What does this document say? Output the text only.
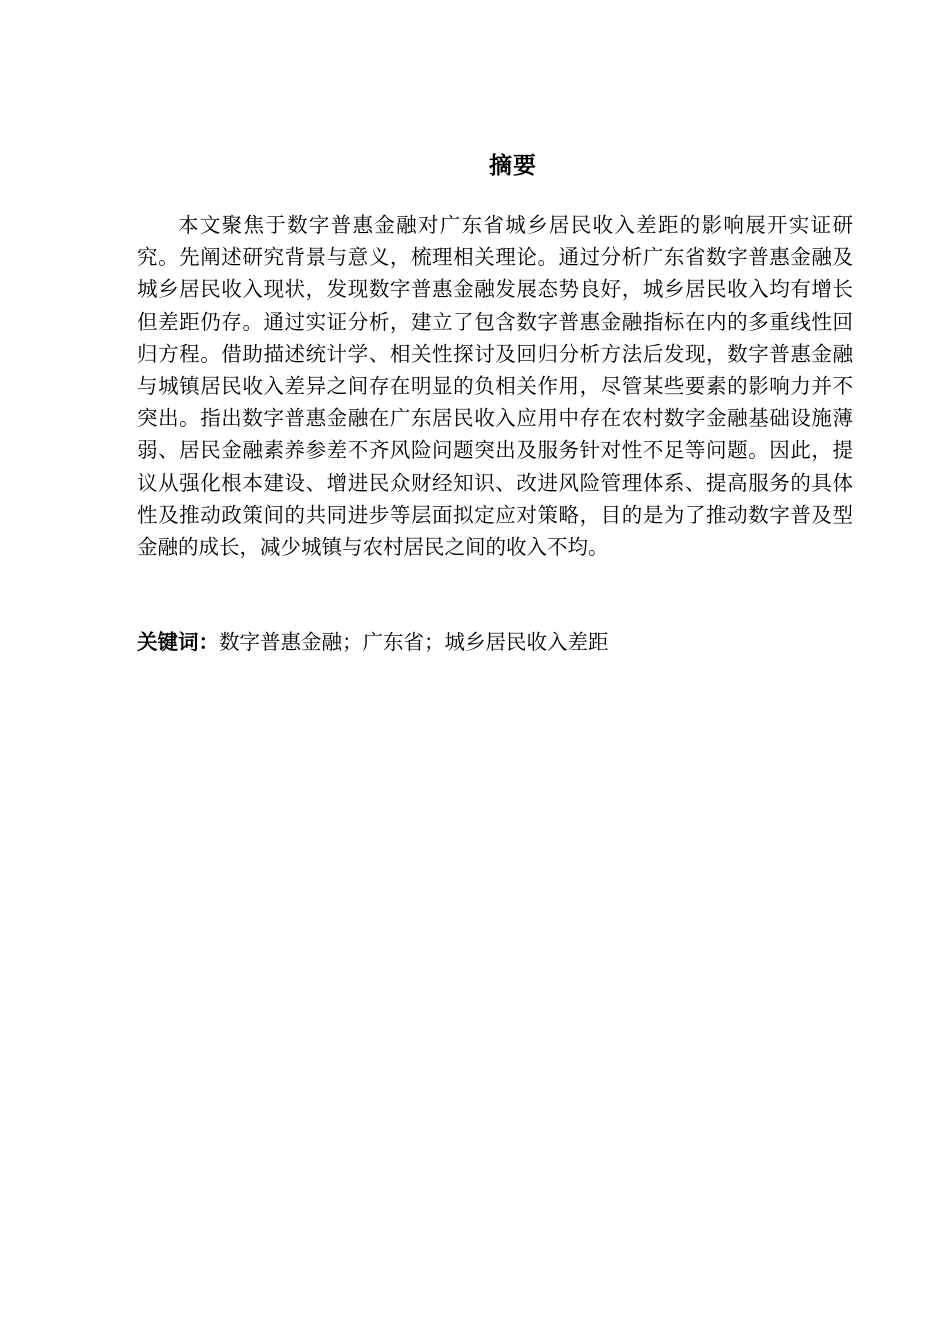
摘要

本文聚焦于数字普惠金融对广东省城乡居民收入差距的影响展开实证研究。先阐述研究背景与意义，梳理相关理论。通过分析广东省数字普惠金融及城乡居民收入现状，发现数字普惠金融发展态势良好，城乡居民收入均有增长但差距仍存。通过实证分析，建立了包含数字普惠金融指标在内的多重线性回归方程。借助描述统计学、相关性探讨及回归分析方法后发现，数字普惠金融与城镇居民收入差异之间存在明显的负相关作用，尽管某些要素的影响力并不突出。指出数字普惠金融在广东居民收入应用中存在农村数字金融基础设施薄弱、居民金融素养参差不齐风险问题突出及服务针对性不足等问题。因此，提议从强化根本建设、增进民众财经知识、改进风险管理体系、提高服务的具体性及推动政策间的共同进步等层面拟定应对策略，目的是为了推动数字普及型金融的成长，减少城镇与农村居民之间的收入不均。

关键词：数字普惠金融；广东省；城乡居民收入差距
